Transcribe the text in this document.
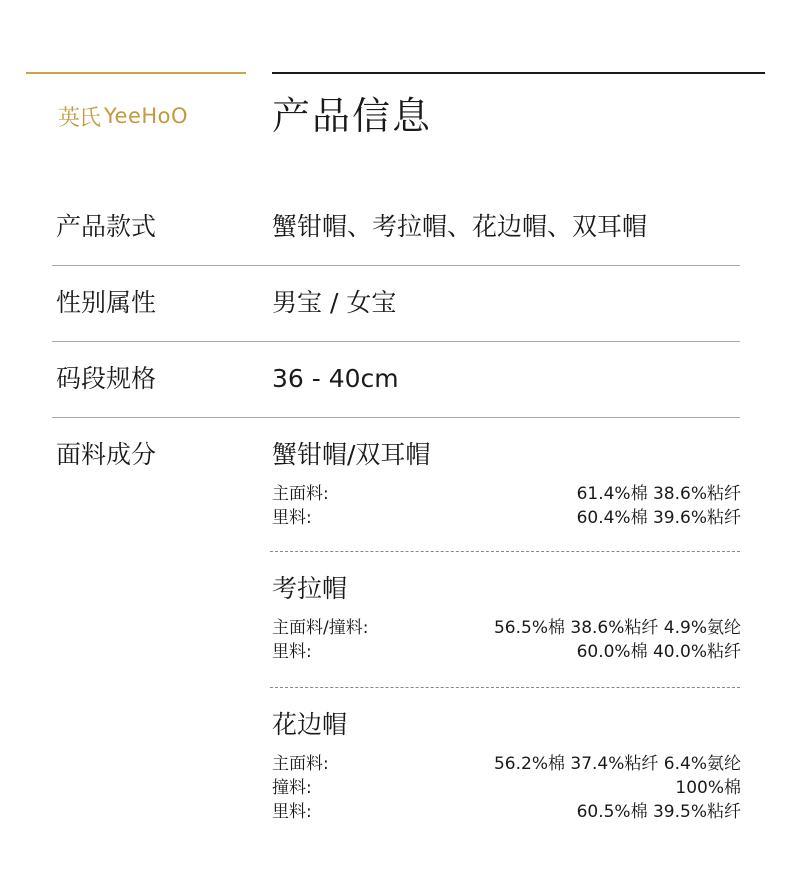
英氏 YeeHoO 产品信息
产品款式	蟹钳帽、考拉帽、花边帽、双耳帽
性别属性	男宝 / 女宝
码段规格	36 - 40cm
面料成分	蟹钳帽/双耳帽
主面料:	61.4%棉 38.6%粘纤
里料:	60.4%棉 39.6%粘纤
考拉帽
主面料/撞料:	56.5%棉 38.6%粘纤 4.9%氨纶
里料:	60.0%棉 40.0%粘纤
花边帽
主面料:	56.2%棉 37.4%粘纤 6.4%氨纶
撞料:	100%棉
里料:	60.5%棉 39.5%粘纤
